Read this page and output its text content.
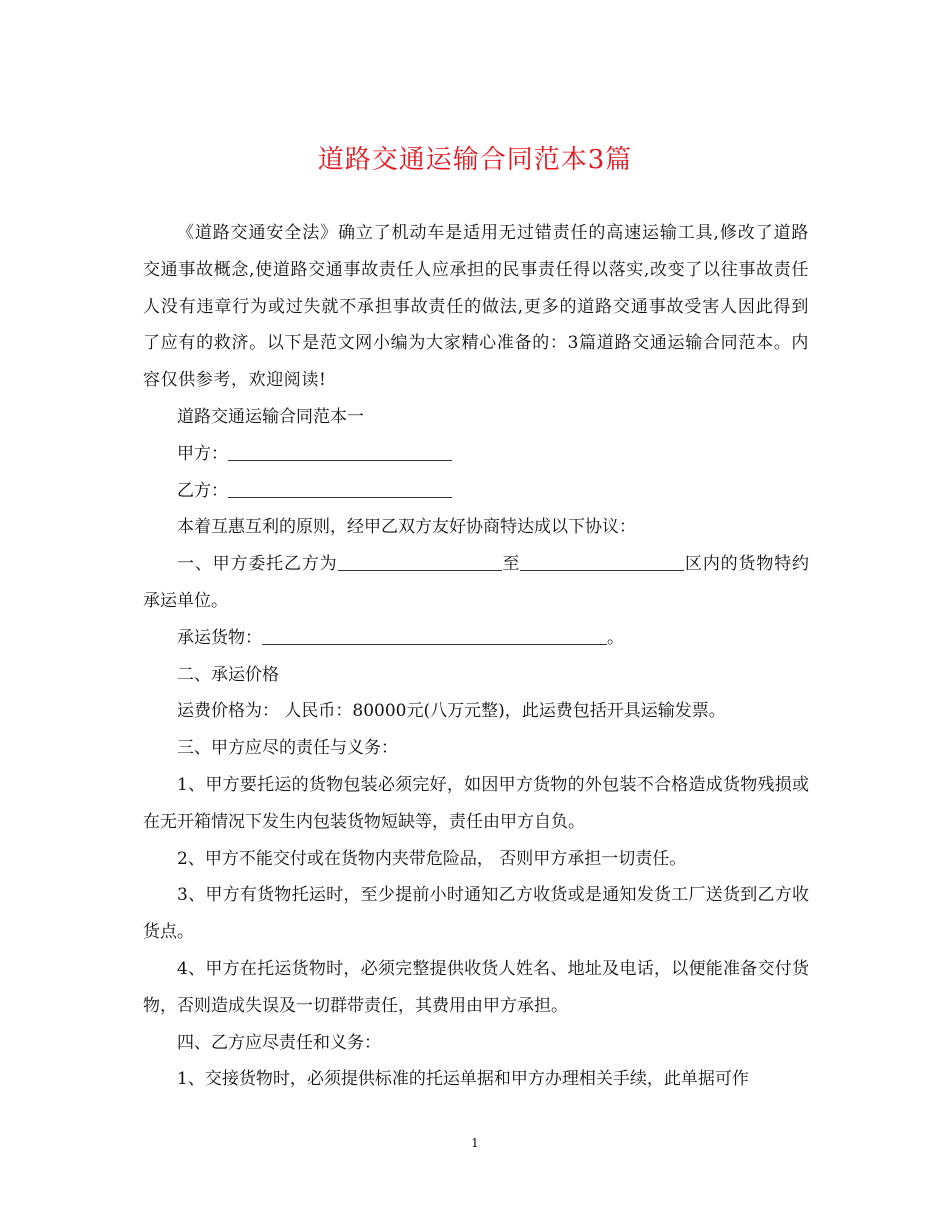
道路交通运输合同范本3篇

《道路交通安全法》确立了机动车是适用无过错责任的高速运输工具,修改了道路交通事故概念,使道路交通事故责任人应承担的民事责任得以落实,改变了以往事故责任人没有违章行为或过失就不承担事故责任的做法,更多的道路交通事故受害人因此得到了应有的救济。以下是范文网小编为大家精心准备的：3篇道路交通运输合同范本。内容仅供参考，欢迎阅读!

道路交通运输合同范本一

甲方：

乙方：

本着互惠互利的原则，经甲乙双方友好协商特达成以下协议：

一、甲方委托乙方为	至	区内的货物特约承运单位。

承运货物：	。

二、承运价格

运费价格为： 人民币：80000元(八万元整)，此运费包括开具运输发票。

三、甲方应尽的责任与义务：

1、甲方要托运的货物包装必须完好，如因甲方货物的外包装不合格造成货物残损或在无开箱情况下发生内包装货物短缺等，责任由甲方自负。

2、甲方不能交付或在货物内夹带危险品， 否则甲方承担一切责任。

3、甲方有货物托运时，至少提前小时通知乙方收货或是通知发货工厂送货到乙方收货点。

4、甲方在托运货物时，必须完整提供收货人姓名、地址及电话，以便能准备交付货物，否则造成失误及一切群带责任，其费用由甲方承担。

四、乙方应尽责任和义务：

1、交接货物时，必须提供标准的托运单据和甲方办理相关手续，此单据可作

1
